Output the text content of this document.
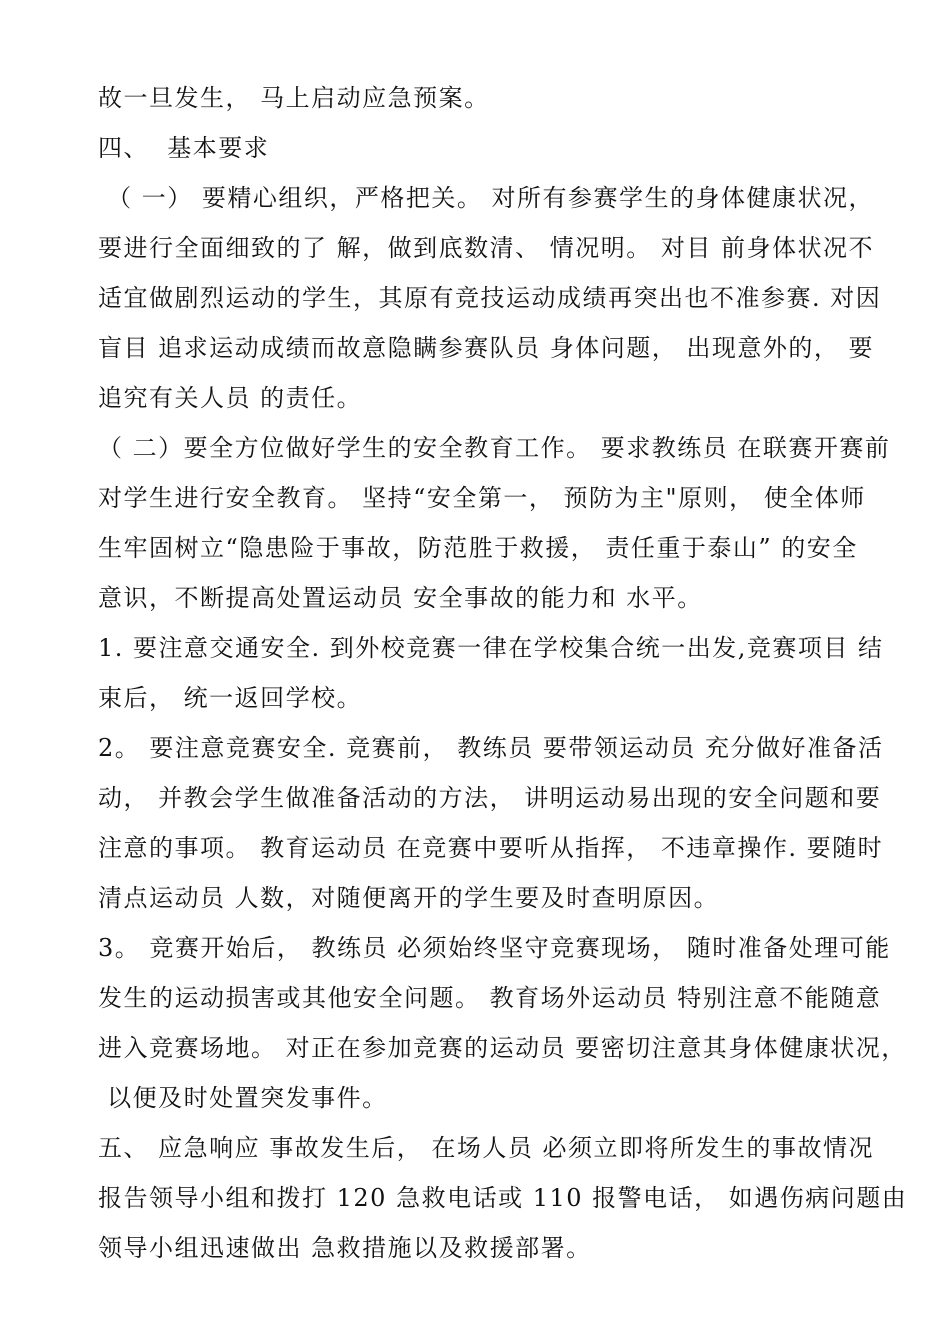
故一旦发生， 马上启动应急预案。
四、  基本要求
（ 一） 要精心组织，严格把关。 对所有参赛学生的身体健康状况，
要进行全面细致的了 解，做到底数清、 情况明。 对目 前身体状况不
适宜做剧烈运动的学生，其原有竞技运动成绩再突出也不准参赛. 对因
盲目 追求运动成绩而故意隐瞒参赛队员 身体问题， 出现意外的， 要
追究有关人员 的责任。
（ 二）要全方位做好学生的安全教育工作。 要求教练员 在联赛开赛前
对学生进行安全教育。 坚持“安全第一， 预防为主"原则， 使全体师
生牢固树立“隐患险于事故，防范胜于救援， 责任重于泰山” 的安全
意识，不断提高处置运动员 安全事故的能力和 水平。
1. 要注意交通安全. 到外校竞赛一律在学校集合统一出发,竞赛项目 结
束后， 统一返回学校。
2。 要注意竞赛安全. 竞赛前， 教练员 要带领运动员 充分做好准备活
动， 并教会学生做准备活动的方法， 讲明运动易出现的安全问题和要
注意的事项。 教育运动员 在竞赛中要听从指挥， 不违章操作. 要随时
清点运动员 人数，对随便离开的学生要及时查明原因。
3。 竞赛开始后， 教练员 必须始终坚守竞赛现场， 随时准备处理可能
发生的运动损害或其他安全问题。 教育场外运动员 特别注意不能随意
进入竞赛场地。 对正在参加竞赛的运动员 要密切注意其身体健康状况，
以便及时处置突发事件。
五、 应急响应 事故发生后， 在场人员 必须立即将所发生的事故情况
报告领导小组和拨打 120 急救电话或 110 报警电话， 如遇伤病问题由
领导小组迅速做出 急救措施以及救援部署。
